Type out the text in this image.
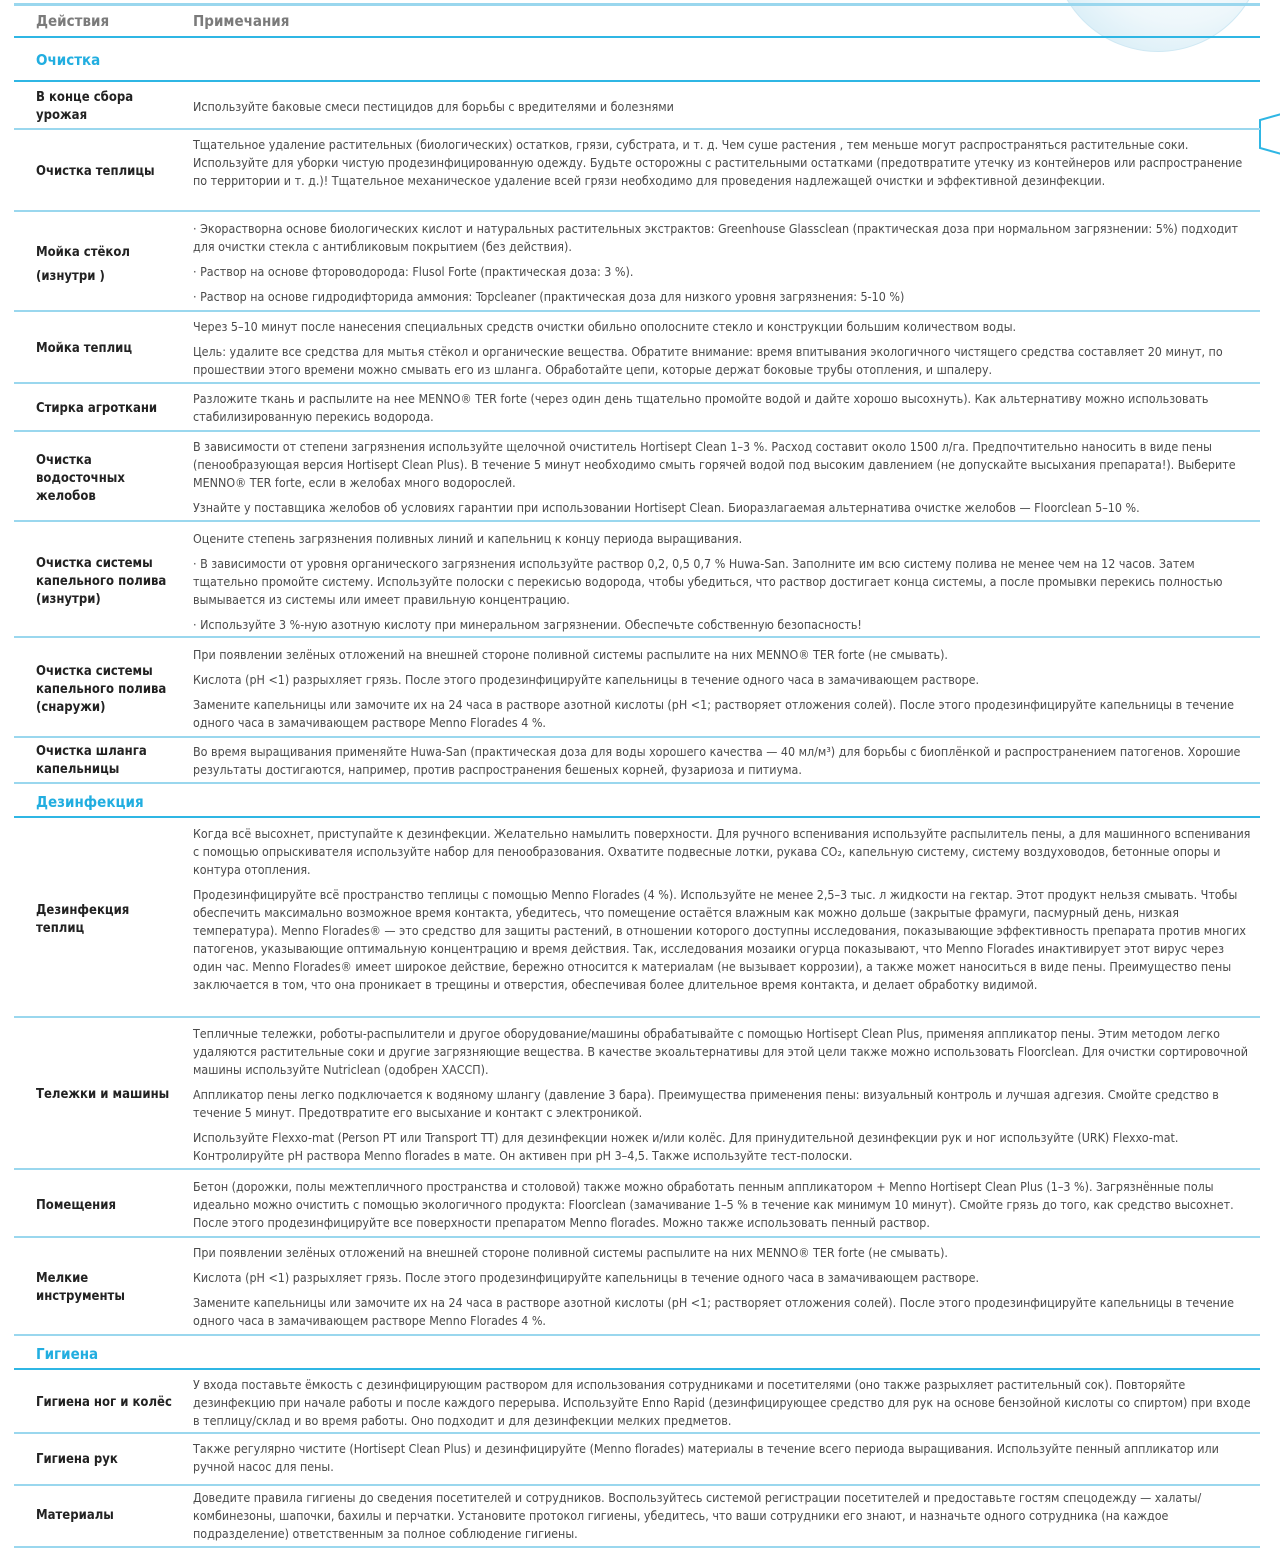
Действия	Примечания
Очистка
В конце сбора урожая

Используйте баковые смеси пестицидов для борьбы с вредителями и болезнями

Очистка теплицы

Тщательное удаление растительных (биологических) остатков, грязи, субстрата, и т. д. Чем суше растения , тем меньше могут распространяться растительные соки. Используйте для уборки чистую продезинфицированную одежду. Будьте осторожны с растительными остатками (предотвратите утечку из контейнеров или распространение по территории и т. д.)! Тщательное механическое удаление всей грязи необходимо для проведения надлежащей очистки и эффективной дезинфекции.

Мойка стёкол (изнутри )

· Экорастворна основе биологических кислот и натуральных растительных экстрактов: Greenhouse Glassclean (практическая доза при нормальном загрязнении: 5%) подходит для очистки стекла с антибликовым покрытием (без действия).

· Раствор на основе фтороводорода: Flusol Forte (практическая доза: 3 %).

· Раствор на основе гидродифторида аммония: Topcleaner (практическая доза для низкого уровня загрязнения: 5-10 %)

Мойка теплиц

Через 5–10 минут после нанесения специальных средств очистки обильно ополосните стекло и конструкции большим количеством воды.

Цель: удалите все средства для мытья стёкол и органические вещества. Обратите внимание: время впитывания экологичного чистящего средства составляет 20 минут, по прошествии этого времени можно смывать его из шланга. Обработайте цепи, которые держат боковые трубы отопления, и шпалеру.

Стирка агроткани

Разложите ткань и распылите на нее MENNO® TER forte (через один день тщательно промойте водой и дайте хорошо высохнуть). Как альтернативу можно использовать стабилизированную перекись водорода.

Очистка водосточных желобов

В зависимости от степени загрязнения используйте щелочной очиститель Hortisept Clean 1–3 %. Расход составит около 1500 л/га. Предпочтительно наносить в виде пены (пенообразующая версия Hortisept Clean Plus). В течение 5 минут необходимо смыть горячей водой под высоким давлением (не допускайте высыхания препарата!). Выберите MENNO® TER forte, если в желобах много водорослей.

Узнайте у поставщика желобов об условиях гарантии при использовании Hortisept Clean. Биоразлагаемая альтернатива очистке желобов — Floorclean 5–10 %.

Очистка системы капельного полива (изнутри)

Оцените степень загрязнения поливных линий и капельниц к концу периода выращивания.

· В зависимости от уровня органического загрязнения используйте раствор 0,2, 0,5 0,7 % Huwa-San. Заполните им всю систему полива не менее чем на 12 часов. Затем тщательно промойте систему. Используйте полоски с перекисью водорода, чтобы убедиться, что раствор достигает конца системы, а после промывки перекись полностью вымывается из системы или имеет правильную концентрацию.

· Используйте 3 %-ную азотную кислоту при минеральном загрязнении. Обеспечьте собственную безопасность!

Очистка системы капельного полива (снаружи)

При появлении зелёных отложений на внешней стороне поливной системы распылите на них MENNO® TER forte (не смывать).

Кислота (pH <1) разрыхляет грязь. После этого продезинфицируйте капельницы в течение одного часа в замачивающем растворе.

Замените капельницы или замочите их на 24 часа в растворе азотной кислоты (pH <1; растворяет отложения солей). После этого продезинфицируйте капельницы в течение одного часа в замачивающем растворе Menno Florades 4 %.

Очистка шланга капельницы

Во время выращивания применяйте Huwa-San (практическая доза для воды хорошего качества — 40 мл/м³) для борьбы с биоплёнкой и распространением патогенов. Хорошие результаты достигаются, например, против распространения бешеных корней, фузариоза и питиума.

Дезинфекция
Дезинфекция теплиц

Когда всё высохнет, приступайте к дезинфекции. Желательно намылить поверхности. Для ручного вспенивания используйте распылитель пены, а для машинного вспенивания с помощью опрыскивателя используйте набор для пенообразования. Охватите подвесные лотки, рукава CO₂, капельную систему, систему воздуховодов, бетонные опоры и контура отопления.

Продезинфицируйте всё пространство теплицы с помощью Menno Florades (4 %). Используйте не менее 2,5–3 тыс. л жидкости на гектар. Этот продукт нельзя смывать. Чтобы обеспечить максимально возможное время контакта, убедитесь, что помещение остаётся влажным как можно дольше (закрытые фрамуги, пасмурный день, низкая температура). Menno Florades® — это средство для защиты растений, в отношении которого доступны исследования, показывающие эффективность препарата против многих патогенов, указывающие оптимальную концентрацию и время действия. Так, исследования мозаики огурца показывают, что Menno Florades инактивирует этот вирус через один час. Menno Florades® имеет широкое действие, бережно относится к материалам (не вызывает коррозии), а также может наноситься в виде пены. Преимущество пены заключается в том, что она проникает в трещины и отверстия, обеспечивая более длительное время контакта, и делает обработку видимой.

Тележки и машины

Тепличные тележки, роботы-распылители и другое оборудование/машины обрабатывайте с помощью Hortisept Clean Plus, применяя аппликатор пены. Этим методом легко удаляются растительные соки и другие загрязняющие вещества. В качестве экоальтернативы для этой цели также можно использовать Floorclean. Для очистки сортировочной машины используйте Nutriclean (одобрен ХАССП).

Аппликатор пены легко подключается к водяному шлангу (давление 3 бара). Преимущества применения пены: визуальный контроль и лучшая адгезия. Смойте средство в течение 5 минут. Предотвратите его высыхание и контакт с электроникой.

Используйте Flexxo-mat (Person PT или Transport TT) для дезинфекции ножек и/или колёс. Для принудительной дезинфекции рук и ног используйте (URK) Flexxo-mat. Контролируйте pH раствора Menno florades в мате. Он активен при pH 3–4,5. Также используйте тест-полоски.

Помещения

Бетон (дорожки, полы межтепличного пространства и столовой) также можно обработать пенным аппликатором + Menno Hortisept Clean Plus (1–3 %). Загрязнённые полы идеально можно очистить с помощью экологичного продукта: Floorclean (замачивание 1–5 % в течение как минимум 10 минут). Смойте грязь до того, как средство высохнет. После этого продезинфицируйте все поверхности препаратом Menno florades. Можно также использовать пенный раствор.

Мелкие инструменты

При появлении зелёных отложений на внешней стороне поливной системы распылите на них MENNO® TER forte (не смывать).

Кислота (pH <1) разрыхляет грязь. После этого продезинфицируйте капельницы в течение одного часа в замачивающем растворе.

Замените капельницы или замочите их на 24 часа в растворе азотной кислоты (pH <1; растворяет отложения солей). После этого продезинфицируйте капельницы в течение одного часа в замачивающем растворе Menno Florades 4 %.

Гигиена
Гигиена ног и колёс

У входа поставьте ёмкость с дезинфицирующим раствором для использования сотрудниками и посетителями (оно также разрыхляет растительный сок). Повторяйте дезинфекцию при начале работы и после каждого перерыва. Используйте Enno Rapid (дезинфицирующее средство для рук на основе бензойной кислоты со спиртом) при входе в теплицу/склад и во время работы. Оно подходит и для дезинфекции мелких предметов.

Гигиена рук

Также регулярно чистите (Hortisept Clean Plus) и дезинфицируйте (Menno florades) материалы в течение всего периода выращивания. Используйте пенный аппликатор или ручной насос для пены.

Материалы

Доведите правила гигиены до сведения посетителей и сотрудников. Воспользуйтесь системой регистрации посетителей и предоставьте гостям спецодежду — халаты/ комбинезоны, шапочки, бахилы и перчатки. Установите протокол гигиены, убедитесь, что ваши сотрудники его знают, и назначьте одного сотрудника (на каждое подразделение) ответственным за полное соблюдение гигиены.
